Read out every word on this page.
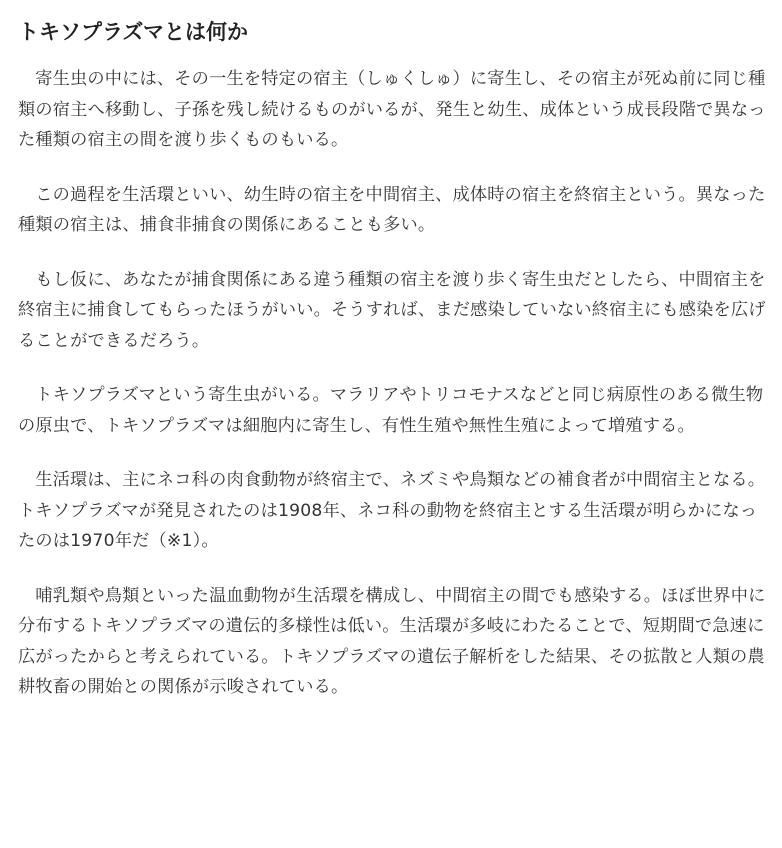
トキソプラズマとは何か

寄生虫の中には、その一生を特定の宿主（しゅくしゅ）に寄生し、その宿主が死ぬ前に同じ種類の宿主へ移動し、子孫を残し続けるものがいるが、発生と幼生、成体という成長段階で異なった種類の宿主の間を渡り歩くものもいる。

この過程を生活環といい、幼生時の宿主を中間宿主、成体時の宿主を終宿主という。異なった種類の宿主は、捕食非捕食の関係にあることも多い。

もし仮に、あなたが捕食関係にある違う種類の宿主を渡り歩く寄生虫だとしたら、中間宿主を終宿主に捕食してもらったほうがいい。そうすれば、まだ感染していない終宿主にも感染を広げることができるだろう。

トキソプラズマという寄生虫がいる。マラリアやトリコモナスなどと同じ病原性のある微生物の原虫で、トキソプラズマは細胞内に寄生し、有性生殖や無性生殖によって増殖する。

生活環は、主にネコ科の肉食動物が終宿主で、ネズミや鳥類などの補食者が中間宿主となる。トキソプラズマが発見されたのは1908年、ネコ科の動物を終宿主とする生活環が明らかになったのは1970年だ（※1）。

哺乳類や鳥類といった温血動物が生活環を構成し、中間宿主の間でも感染する。ほぼ世界中に分布するトキソプラズマの遺伝的多様性は低い。生活環が多岐にわたることで、短期間で急速に広がったからと考えられている。トキソプラズマの遺伝子解析をした結果、その拡散と人類の農耕牧畜の開始との関係が示唆されている。
